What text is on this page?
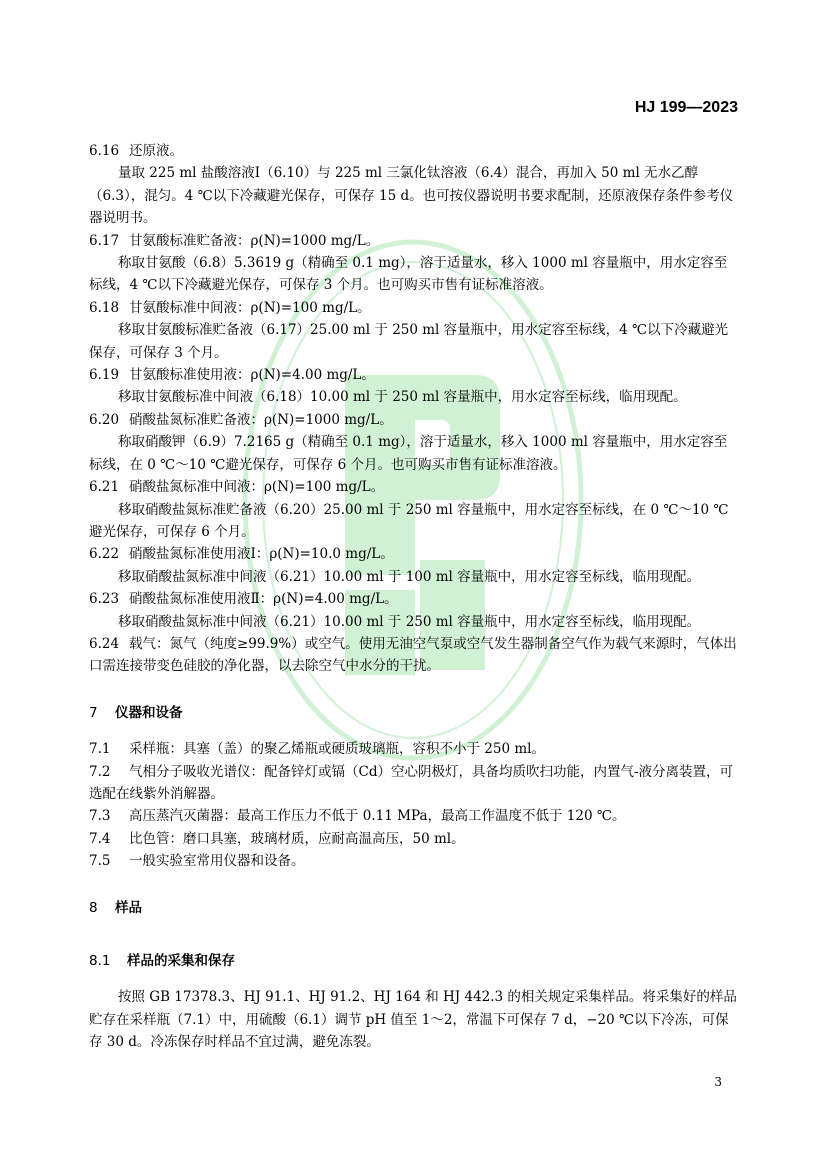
HJ 199—2023
6.16 还原液。
量取 225 ml 盐酸溶液Ⅰ（6.10）与 225 ml 三氯化钛溶液（6.4）混合，再加入 50 ml 无水乙醇（6.3），混匀。4 ℃以下冷藏避光保存，可保存 15 d。也可按仪器说明书要求配制，还原液保存条件参考仪器说明书。
6.17 甘氨酸标准贮备液：ρ(N)=1000 mg/L。
称取甘氨酸（6.8）5.3619 g（精确至 0.1 mg），溶于适量水，移入 1000 ml 容量瓶中，用水定容至标线，4 ℃以下冷藏避光保存，可保存 3 个月。也可购买市售有证标准溶液。
6.18 甘氨酸标准中间液：ρ(N)=100 mg/L。
移取甘氨酸标准贮备液（6.17）25.00 ml 于 250 ml 容量瓶中，用水定容至标线，4 ℃以下冷藏避光保存，可保存 3 个月。
6.19 甘氨酸标准使用液：ρ(N)=4.00 mg/L。
移取甘氨酸标准中间液（6.18）10.00 ml 于 250 ml 容量瓶中，用水定容至标线，临用现配。
6.20 硝酸盐氮标准贮备液：ρ(N)=1000 mg/L。
称取硝酸钾（6.9）7.2165 g（精确至 0.1 mg），溶于适量水，移入 1000 ml 容量瓶中，用水定容至标线，在 0 ℃～10 ℃避光保存，可保存 6 个月。也可购买市售有证标准溶液。
6.21 硝酸盐氮标准中间液：ρ(N)=100 mg/L。
移取硝酸盐氮标准贮备液（6.20）25.00 ml 于 250 ml 容量瓶中，用水定容至标线，在 0 ℃～10 ℃避光保存，可保存 6 个月。
6.22 硝酸盐氮标准使用液Ⅰ：ρ(N)=10.0 mg/L。
移取硝酸盐氮标准中间液（6.21）10.00 ml 于 100 ml 容量瓶中，用水定容至标线，临用现配。
6.23 硝酸盐氮标准使用液Ⅱ：ρ(N)=4.00 mg/L。
移取硝酸盐氮标准中间液（6.21）10.00 ml 于 250 ml 容量瓶中，用水定容至标线，临用现配。
6.24 载气：氮气（纯度≥99.9%）或空气。使用无油空气泵或空气发生器制备空气作为载气来源时，气体出口需连接带变色硅胶的净化器，以去除空气中水分的干扰。
7 仪器和设备
7.1 采样瓶：具塞（盖）的聚乙烯瓶或硬质玻璃瓶，容积不小于 250 ml。
7.2 气相分子吸收光谱仪：配备锌灯或镉（Cd）空心阴极灯，具备均质吹扫功能，内置气-液分离装置，可选配在线紫外消解器。
7.3 高压蒸汽灭菌器：最高工作压力不低于 0.11 MPa，最高工作温度不低于 120 ℃。
7.4 比色管：磨口具塞，玻璃材质，应耐高温高压，50 ml。
7.5 一般实验室常用仪器和设备。
8 样品
8.1 样品的采集和保存
按照 GB 17378.3、HJ 91.1、HJ 91.2、HJ 164 和 HJ 442.3 的相关规定采集样品。将采集好的样品贮存在采样瓶（7.1）中，用硫酸（6.1）调节 pH 值至 1～2，常温下可保存 7 d，−20 ℃以下冷冻，可保存 30 d。冷冻保存时样品不宜过满，避免冻裂。
3
